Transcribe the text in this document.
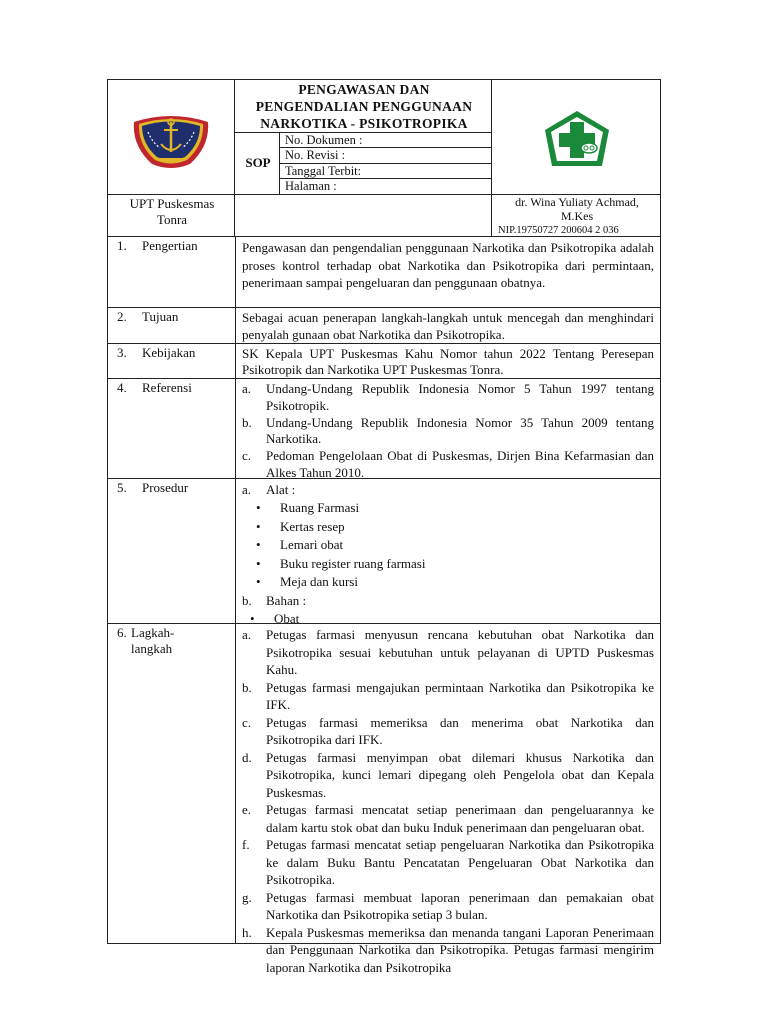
PENGAWASAN DAN
PENGENDALIAN PENGGUNAAN
NARKOTIKA - PSIKOTROPIKA
SOP
No. Dokumen :
No. Revisi :
Tanggal Terbit:
Halaman :
UPT Puskesmas
Tonra
dr. Wina Yuliaty Achmad,
M.Kes
NIP.19750727 200604 2 036
1. Pengertian	Pengawasan dan pengendalian penggunaan Narkotika dan Psikotropika adalah proses kontrol terhadap obat Narkotika dan Psikotropika dari permintaan, penerimaan sampai pengeluaran dan penggunaan obatnya.
2. Tujuan	Sebagai acuan penerapan langkah-langkah untuk mencegah dan menghindari penyalah gunaan obat Narkotika dan Psikotropika.
3. Kebijakan	SK Kepala UPT Puskesmas Kahu Nomor tahun 2022 Tentang Peresepan Psikotropik dan Narkotika UPT Puskesmas Tonra.
4. Referensi	a.	Undang-Undang Republik Indonesia Nomor 5 Tahun 1997 tentang Psikotropik.
b.	Undang-Undang Republik Indonesia Nomor 35 Tahun 2009 tentang Narkotika.
c.	Pedoman Pengelolaan Obat di Puskesmas, Dirjen Bina Kefarmasian dan Alkes Tahun 2010.
5. Prosedur	a.	Alat :
•	Ruang Farmasi
•	Kertas resep
•	Lemari obat
•	Buku register ruang farmasi
•	Meja dan kursi
b.	Bahan :
•	Obat
6. Lagkah-
langkah
a.	Petugas farmasi menyusun rencana kebutuhan obat Narkotika dan Psikotropika sesuai kebutuhan untuk pelayanan di UPTD Puskesmas Kahu.
b.	Petugas farmasi mengajukan permintaan Narkotika dan Psikotropika ke IFK.
c.	Petugas farmasi memeriksa dan menerima obat Narkotika dan Psikotropika dari IFK.
d.	Petugas farmasi menyimpan obat dilemari khusus Narkotika dan Psikotropika, kunci lemari dipegang oleh Pengelola obat dan Kepala Puskesmas.
e.	Petugas farmasi mencatat setiap penerimaan dan pengeluarannya ke dalam kartu stok obat dan buku Induk penerimaan dan pengeluaran obat.
f.	Petugas farmasi mencatat setiap pengeluaran Narkotika dan Psikotropika ke dalam Buku Bantu Pencatatan Pengeluaran Obat Narkotika dan Psikotropika.
g.	Petugas farmasi membuat laporan penerimaan dan pemakaian obat Narkotika dan Psikotropika setiap 3 bulan.
h.	Kepala Puskesmas memeriksa dan menanda tangani Laporan Penerimaan dan Penggunaan Narkotika dan Psikotropika. Petugas farmasi mengirim laporan Narkotika dan Psikotropika
